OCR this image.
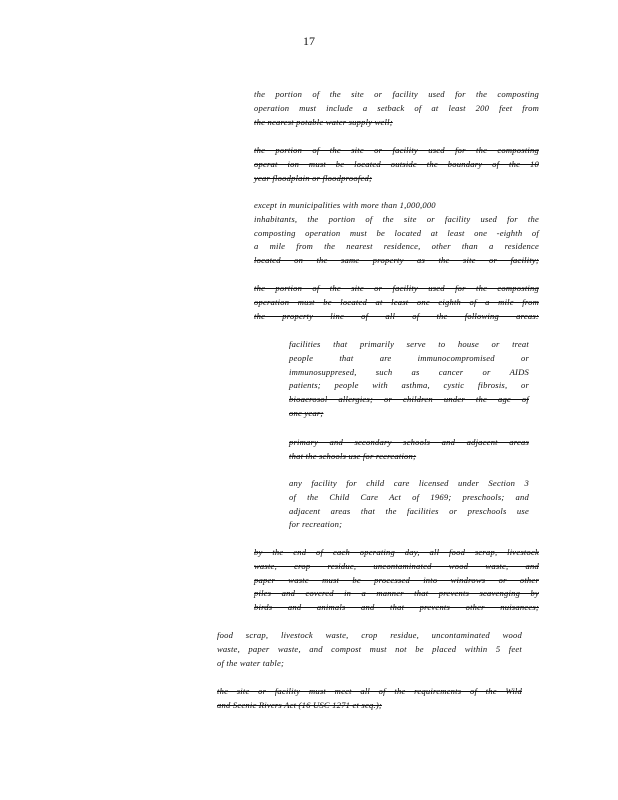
17
the portion of the site or facility used for the composting
operation must include a setback of at least 200 feet from
the nearest potable water supply well;
the portion of the site or facility used for the composting
operat ion must be located outside the boundary of the 10
year floodplain or floodproofed;
except in municipalities with more than 1,000,000
inhabitants, the portion of the site or facility used for the
composting operation must be located at least one -eighth of
a mile from the nearest residence, other than a residence
located on the same property as the site or facility;
the portion of the site or facility used for the composting
operation must be located at least one eighth of a mile from
the property line of all of the following areas:
facilities that primarily serve to house or treat
people that are immunocompromised or
immunosuppresed, such as cancer or AIDS
patients; people with asthma, cystic fibrosis, or
bioaerosol allergies; or children under the age of
one year;
primary and secondary schools and adjacent areas
that the schools use for recreation;
any facility for child care licensed under Section 3
of the Child Care Act of 1969; preschools; and
adjacent areas that the facilities or preschools use
for recreation;
by the end of each operating day, all food scrap, livestock
waste, crop residue, uncontaminated wood waste, and
paper waste must be processed into windrows or other
piles and covered in a manner that prevents scavenging by
birds and animals and that prevents other nuisances;
food scrap, livestock waste, crop residue, uncontaminated wood
waste, paper waste, and compost must not be placed within 5 feet
of the water table;
the site or facility must meet all of the requirements of the Wild
and Scenic Rivers Act (16 USC 1271 et seq.);
